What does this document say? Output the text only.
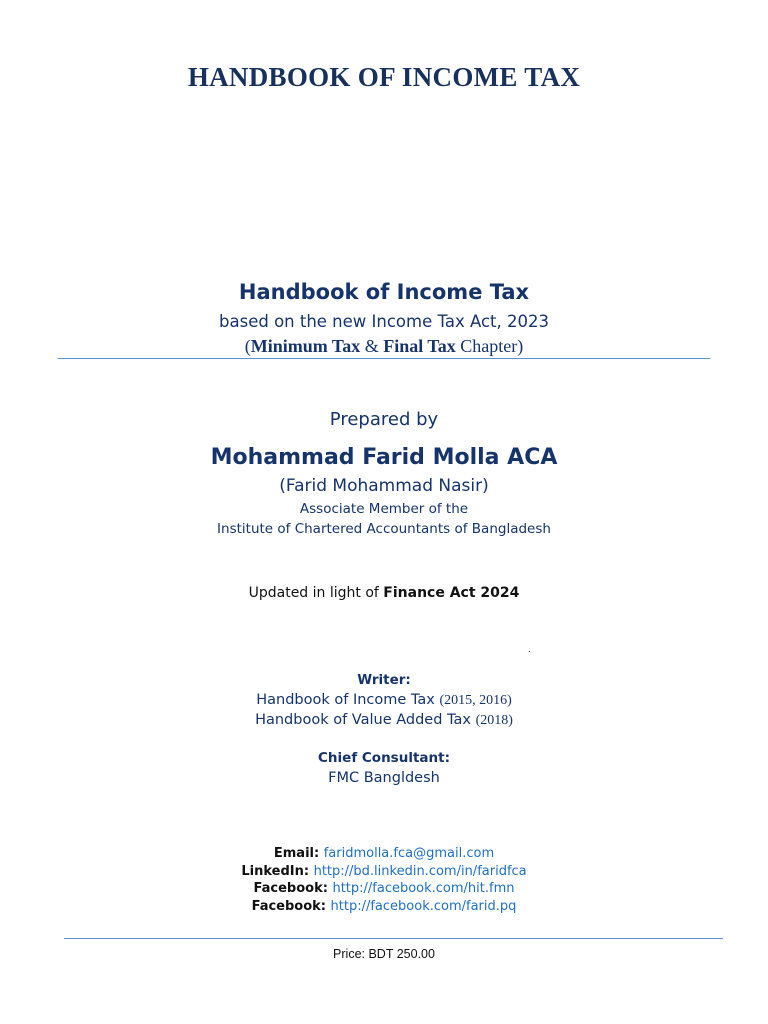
HANDBOOK OF INCOME TAX
Handbook of Income Tax
based on the new Income Tax Act, 2023
(Minimum Tax & Final Tax Chapter)
Prepared by
Mohammad Farid Molla ACA
(Farid Mohammad Nasir)
Associate Member of the
Institute of Chartered Accountants of Bangladesh
Updated in light of Finance Act 2024
.
Writer:
Handbook of Income Tax (2015, 2016)
Handbook of Value Added Tax (2018)
Chief Consultant:
FMC Bangldesh
Email: faridmolla.fca@gmail.com
LinkedIn: http://bd.linkedin.com/in/faridfca
Facebook: http://facebook.com/hit.fmn
Facebook: http://facebook.com/farid.pq
Price: BDT 250.00
